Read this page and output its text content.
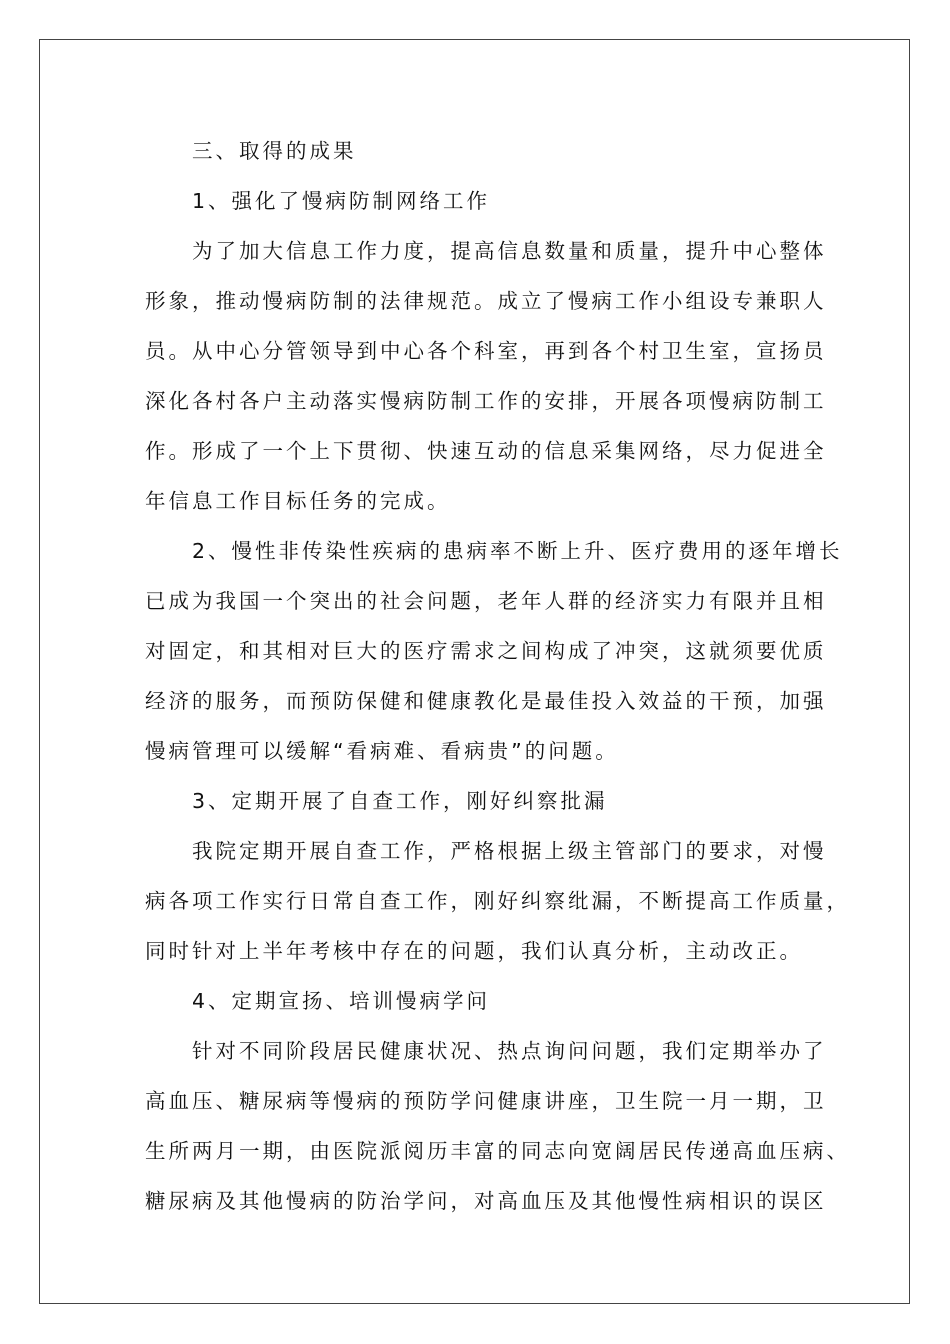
三、取得的成果
1、强化了慢病防制网络工作
为了加大信息工作力度，提高信息数量和质量，提升中心整体
形象，推动慢病防制的法律规范。成立了慢病工作小组设专兼职人
员。从中心分管领导到中心各个科室，再到各个村卫生室，宣扬员
深化各村各户主动落实慢病防制工作的安排，开展各项慢病防制工
作。形成了一个上下贯彻、快速互动的信息采集网络，尽力促进全
年信息工作目标任务的完成。
2、慢性非传染性疾病的患病率不断上升、医疗费用的逐年增长
已成为我国一个突出的社会问题，老年人群的经济实力有限并且相
对固定，和其相对巨大的医疗需求之间构成了冲突，这就须要优质
经济的服务，而预防保健和健康教化是最佳投入效益的干预，加强
慢病管理可以缓解“看病难、看病贵”的问题。
3、定期开展了自查工作，刚好纠察批漏
我院定期开展自查工作，严格根据上级主管部门的要求，对慢
病各项工作实行日常自查工作，刚好纠察纰漏，不断提高工作质量，
同时针对上半年考核中存在的问题，我们认真分析，主动改正。
4、定期宣扬、培训慢病学问
针对不同阶段居民健康状况、热点询问问题，我们定期举办了
高血压、糖尿病等慢病的预防学问健康讲座，卫生院一月一期，卫
生所两月一期，由医院派阅历丰富的同志向宽阔居民传递高血压病、
糖尿病及其他慢病的防治学问，对高血压及其他慢性病相识的误区
